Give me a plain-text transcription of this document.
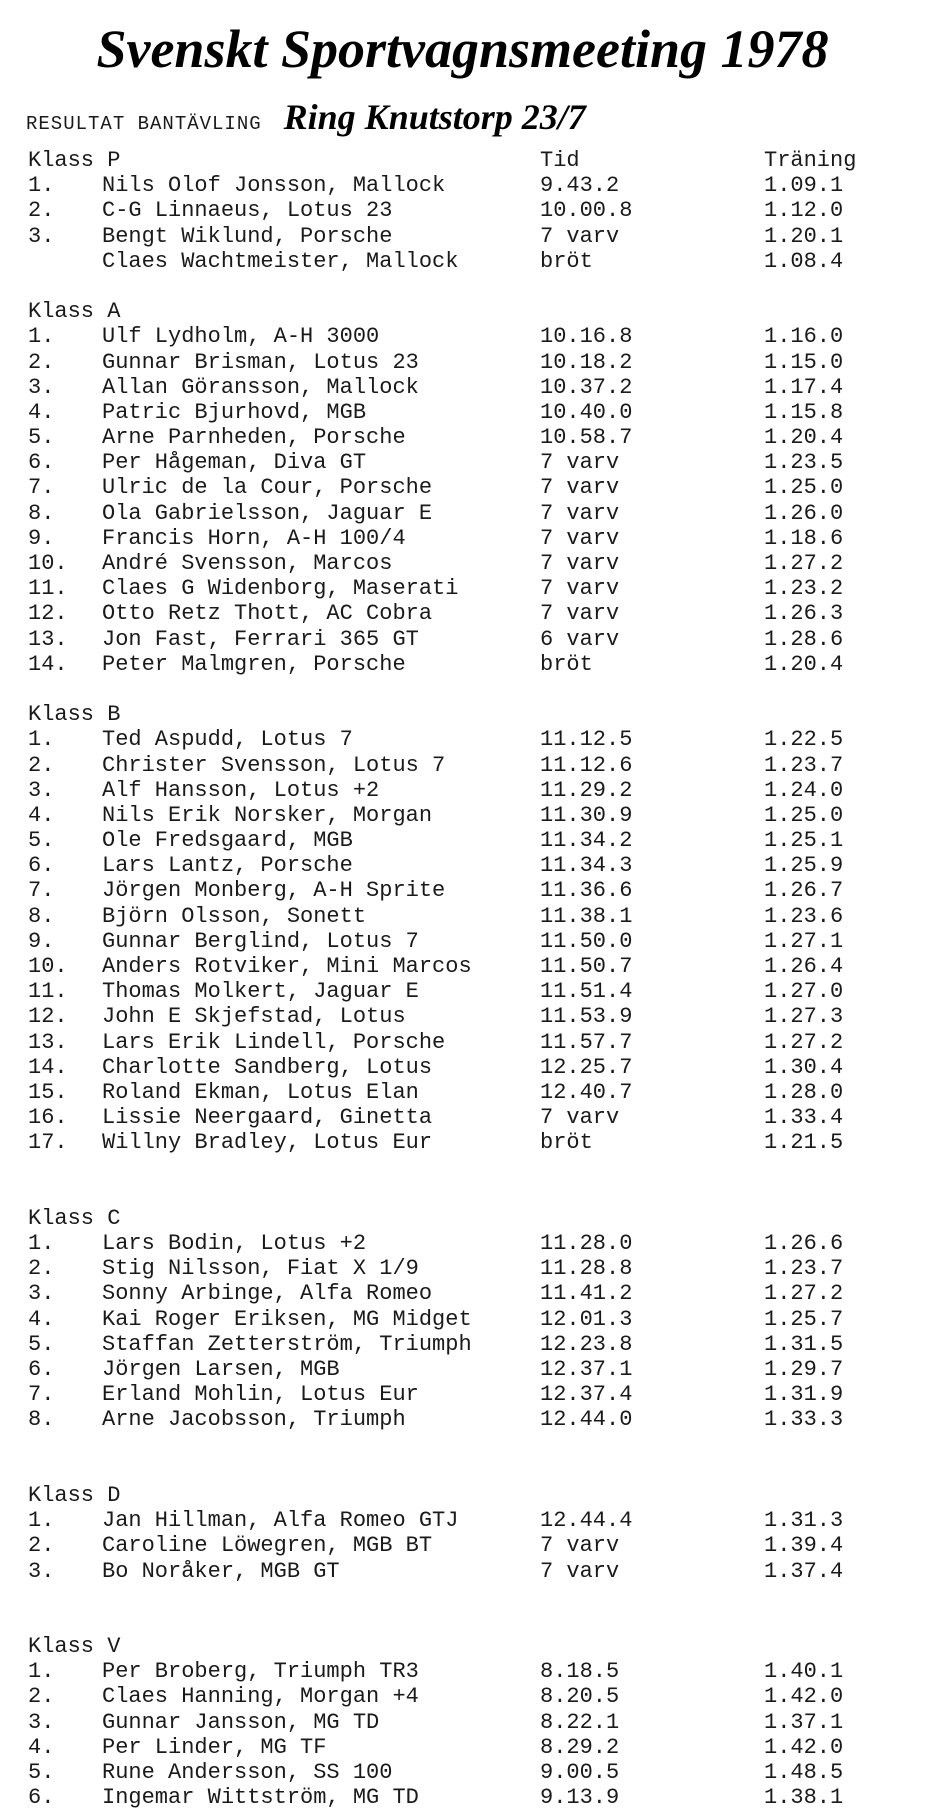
Svenskt Sportvagnsmeeting 1978
RESULTAT BANTÄVLING Ring Knutstorp 23/7
Klass P	Tid	Träning
1. Nils Olof Jonsson, Mallock	9.43.2	1.09.1
2. C-G Linnaeus, Lotus 23	10.00.8	1.12.0
3. Bengt Wiklund, Porsche	7 varv	1.20.1
Claes Wachtmeister, Mallock	bröt	1.08.4
Klass A
1. Ulf Lydholm, A-H 3000	10.16.8	1.16.0
2. Gunnar Brisman, Lotus 23	10.18.2	1.15.0
3. Allan Göransson, Mallock	10.37.2	1.17.4
4. Patric Bjurhovd, MGB	10.40.0	1.15.8
5. Arne Parnheden, Porsche	10.58.7	1.20.4
6. Per Hågeman, Diva GT	7 varv	1.23.5
7. Ulric de la Cour, Porsche	7 varv	1.25.0
8. Ola Gabrielsson, Jaguar E	7 varv	1.26.0
9. Francis Horn, A-H 100/4	7 varv	1.18.6
10. André Svensson, Marcos	7 varv	1.27.2
11. Claes G Widenborg, Maserati	7 varv	1.23.2
12. Otto Retz Thott, AC Cobra	7 varv	1.26.3
13. Jon Fast, Ferrari 365 GT	6 varv	1.28.6
14. Peter Malmgren, Porsche	bröt	1.20.4
Klass B
1. Ted Aspudd, Lotus 7	11.12.5	1.22.5
2. Christer Svensson, Lotus 7	11.12.6	1.23.7
3. Alf Hansson, Lotus +2	11.29.2	1.24.0
4. Nils Erik Norsker, Morgan	11.30.9	1.25.0
5. Ole Fredsgaard, MGB	11.34.2	1.25.1
6. Lars Lantz, Porsche	11.34.3	1.25.9
7. Jörgen Monberg, A-H Sprite	11.36.6	1.26.7
8. Björn Olsson, Sonett	11.38.1	1.23.6
9. Gunnar Berglind, Lotus 7	11.50.0	1.27.1
10. Anders Rotviker, Mini Marcos	11.50.7	1.26.4
11. Thomas Molkert, Jaguar E	11.51.4	1.27.0
12. John E Skjefstad, Lotus	11.53.9	1.27.3
13. Lars Erik Lindell, Porsche	11.57.7	1.27.2
14. Charlotte Sandberg, Lotus	12.25.7	1.30.4
15. Roland Ekman, Lotus Elan	12.40.7	1.28.0
16. Lissie Neergaard, Ginetta	7 varv	1.33.4
17. Willny Bradley, Lotus Eur	bröt	1.21.5
Klass C
1. Lars Bodin, Lotus +2	11.28.0	1.26.6
2. Stig Nilsson, Fiat X 1/9	11.28.8	1.23.7
3. Sonny Arbinge, Alfa Romeo	11.41.2	1.27.2
4. Kai Roger Eriksen, MG Midget	12.01.3	1.25.7
5. Staffan Zetterström, Triumph	12.23.8	1.31.5
6. Jörgen Larsen, MGB	12.37.1	1.29.7
7. Erland Mohlin, Lotus Eur	12.37.4	1.31.9
8. Arne Jacobsson, Triumph	12.44.0	1.33.3
Klass D
1. Jan Hillman, Alfa Romeo GTJ	12.44.4	1.31.3
2. Caroline Löwegren, MGB BT	7 varv	1.39.4
3. Bo Noråker, MGB GT	7 varv	1.37.4
Klass V
1. Per Broberg, Triumph TR3	8.18.5	1.40.1
2. Claes Hanning, Morgan +4	8.20.5	1.42.0
3. Gunnar Jansson, MG TD	8.22.1	1.37.1
4. Per Linder, MG TF	8.29.2	1.42.0
5. Rune Andersson, SS 100	9.00.5	1.48.5
6. Ingemar Wittström, MG TD	9.13.9	1.38.1
